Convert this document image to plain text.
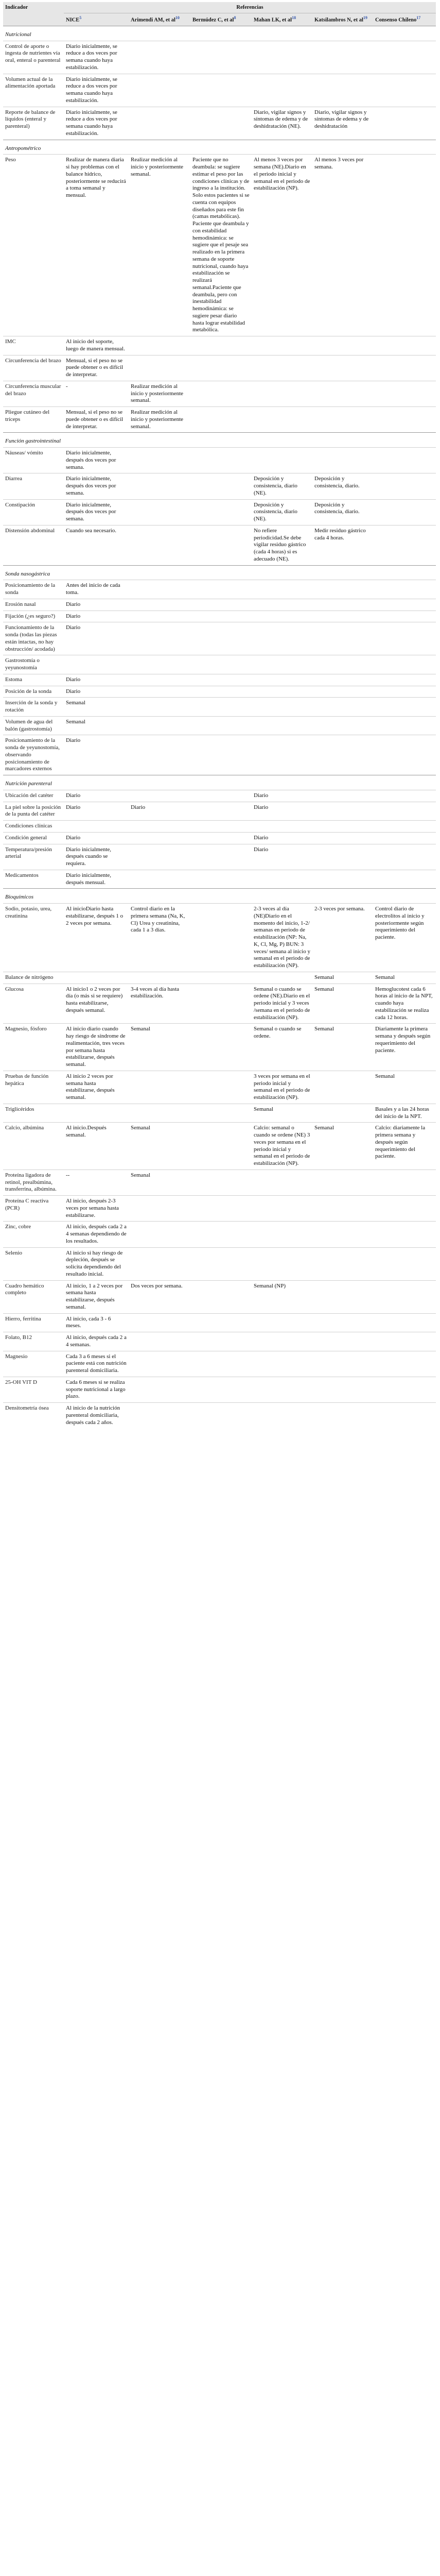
Indicador	Referencias					
	NICE$^5$	Arimendi AM, et $al^{10}$	Bermúdez C, et $al^8$	Mahan LK, et $al^{18}$	Katsilambros N, et $al^{19}$	Consenso Chileno$^{17}$
Nutricional						
Control de aporte o ingesta de nutrientes vía oral, enteral o parenteral	Diario inicialmente, se reduce a dos veces por semana cuando haya estabilización.					
Volumen actual de la alimentación aportada	Diario inicialmente, se reduce a dos veces por semana cuando haya estabilización.					
Reporte de balance de líquidos (enteral y parenteral)	Diario inicialmente, se reduce a dos veces por semana cuando haya estabilización.			Diario, vigilar signos y síntomas de edema y de deshidratación (NE).	Diario, vigilar signos y síntomas de edema y de deshidratación	
Antropométrico						
Peso	Realizar de manera diaria si hay problemas con el balance hídrico, posteriormente se reducirá a toma semanal y mensual.	Realizar medición al inicio y posteriormente semanal.	Paciente que no deambula: se sugiere estimar el peso por las condiciones clínicas y de ingreso a la institución. Solo estos pacientes si se cuenta con equipos diseñados para este fin (camas metabólicas). Paciente que deambula y con estabilidad hemodinámica: se sugiere que el pesaje sea realizado en la primera semana de soporte nutricional, cuando haya estabilización se realizará semanal.Paciente que deambula, pero con inestabilidad hemodinámica: se sugiere pesar diario hasta lograr estabilidad metabólica.	Al menos 3 veces por semana (NE).Diario en el periodo inicial y semanal en el periodo de estabilización (NP).	Al menos 3 veces por semana.	
IMC	Al inicio del soporte, luego de manera mensual.					
Circunferencia del brazo	Mensual, si el peso no se puede obtener o es difícil de interpretar.					
Circunferencia muscular del brazo	-	Realizar medición al inicio y posteriormente semanal.				
Pliegue cutáneo del tríceps	Mensual, si el peso no se puede obtener o es difícil de interpretar.	Realizar medición al inicio y posteriormente semanal.				
Función gastrointestinal						
Náuseas/ vómito	Diario inicialmente, después dos veces por semana.					
Diarrea	Diario inicialmente, después dos veces por semana.			Deposición y consistencia, diario (NE).	Deposición y consistencia, diario.	
Constipación	Diario inicialmente, después dos veces por semana.			Deposición y consistencia, diario (NE).	Deposición y consistencia, diario.	
Distensión abdominal	Cuando sea necesario.			No refiere periodicidad.Se debe vigilar residuo gástrico (cada 4 horas) si es adecuado (NE).	Medir residuo gástrico cada 4 horas.	
Sonda nasogástrica						
Posicionamiento de la sonda	Antes del inicio de cada toma.					
Erosión nasal	Diario					
Fijación (¿es seguro?)	Diario					
Funcionamiento de la sonda (todas las piezas están intactas, no hay obstrucción/ acodada)	Diario					
Gastrostomía o yeyunostomía						
Estoma	Diario					
Posición de la sonda	Diario					
Inserción de la sonda y rotación	Semanal					
Volumen de agua del balón (gastrostomía)	Semanal					
Posicionamiento de la sonda de yeyunostomía, observando posicionamiento de marcadores externos	Diario					
Nutrición parenteral						
Ubicación del catéter	Diario			Diario		
La piel sobre la posición de la punta del catéter	Diario	Diario		Diario		
Condiciones clínicas						
Condición general	Diario			Diario		
Temperatura/presión arterial	Diario inicialmente, después cuando se requiera.			Diario		
Medicamentos	Diario inicialmente, después mensual.					
Bioquímicos						
Sodio, potasio, urea, creatinina	Al inicioDiario hasta estabilizarse, después 1 o 2 veces por semana.	Control diario en la primera semana (Na, K, Cl) Urea y creatinina, cada 1 a 3 días.		2-3 veces al día (NE)Diario en el momento del inicio, 1-2/ semanas en periodo de estabilización (NP: Na, K, Cl, Mg, P) BUN: 3 veces/ semana al inicio y semanal en el periodo de estabilización (NP).	2-3 veces por semana.	Control diario de electrolitos al inicio y posteriormente según requerimiento del paciente.
Balance de nitrógeno					Semanal	Semanal
Glucosa	Al inicio1 o 2 veces por día (o más si se requiere) hasta estabilizarse, después semanal.	3-4 veces al día hasta estabilización.		Semanal o cuando se ordene (NE).Diario en el periodo inicial y 3 veces /semana en el periodo de estabilización (NP).	Semanal	Hemoglucotest cada 6 horas al inicio de la NPT, cuando haya estabilización se realiza cada 12 horas.
Magnesio, fósforo	Al inicio diario cuando hay riesgo de síndrome de realimentación, tres veces por semana hasta estabilizarse, después semanal.	Semanal		Semanal o cuando se ordene.	Semanal	Diariamente la primera semana y después según requerimiento del paciente.
Pruebas de función hepática	Al inicio 2 veces por semana hasta estabilizarse, después semanal.			3 veces por semana en el periodo inicial y semanal en el periodo de estabilización (NP).		Semanal
Triglicéridos				Semanal		Basales y a las 24 horas del inicio de la NPT.
Calcio, albúmina	Al inicio.Después semanal.	Semanal		Calcio: semanal o cuando se ordene (NE) 3 veces por semana en el periodo inicial y semanal en el periodo de estabilización (NP).	Semanal	Calcio: diariamente la primera semana y después según requerimiento del paciente.
Proteína ligadora de retinol, prealbúmina, transferrina, albúmina.	--	Semanal				
Proteína C reactiva (PCR)	Al inicio, después 2-3 veces por semana hasta estabilizarse.					
Zinc, cobre	Al inicio, después cada 2 a 4 semanas dependiendo de los resultados.					
Selenio	Al inicio si hay riesgo de depleción, después se solicita dependiendo del resultado inicial.					
Cuadro hemático completo	Al inicio, 1 a 2 veces por semana hasta estabilizarse, después semanal.	Dos veces por semana.		Semanal (NP)		
Hierro, ferritina	Al inicio, cada 3 - 6 meses.					
Folato, B12	Al inicio, después cada 2 a 4 semanas.					
Magnesio	Cada 3 a 6 meses si el paciente está con nutrición parenteral domiciliaria.					
25-OH VIT D	Cada 6 meses si se realiza soporte nutricional a largo plazo.					
Densitometría ósea	Al inicio de la nutrición parenteral domiciliaria, después cada 2 años.					
